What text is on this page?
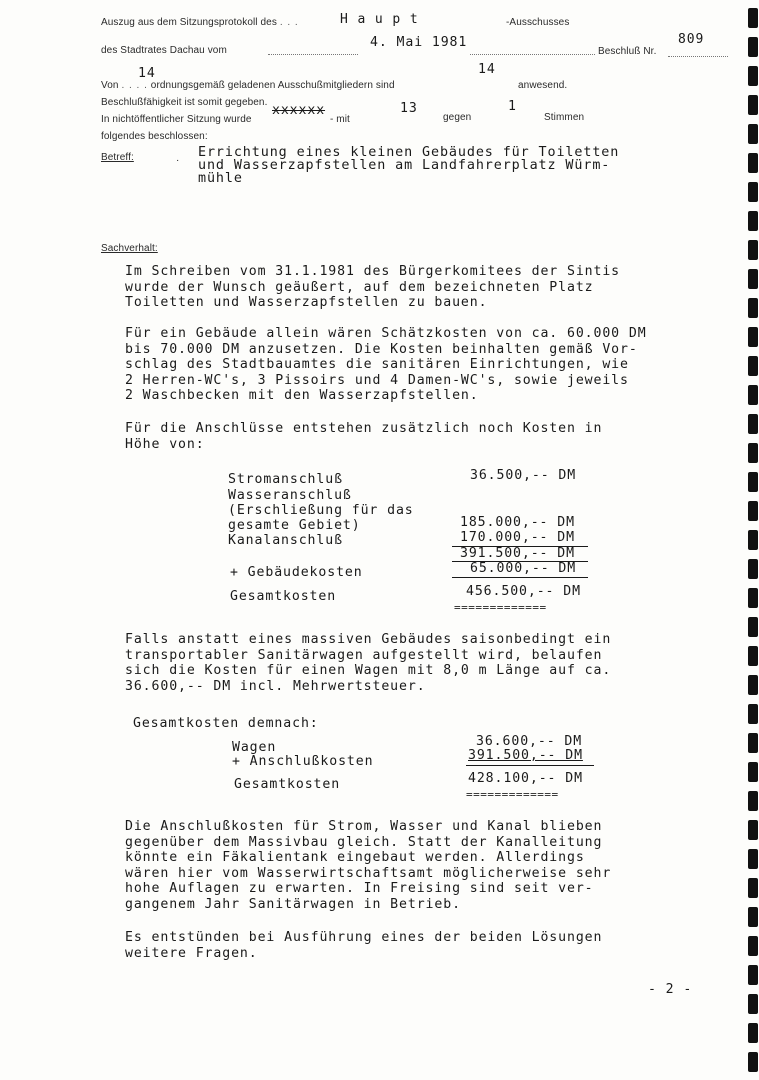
Auszug aus dem Sitzungsprotokoll des . . .	H a u p t	-Ausschusses
809
des Stadtrates Dachau vom
4. Mai 1981
Beschluß Nr.
14	14
Von . . . . ordnungsgemäß geladenen Ausschußmitgliedern sind	anwesend.
Beschlußfähigkeit ist somit gegeben.
xxxxxx	13	1
In nichtöffentlicher Sitzung wurde	- mit	gegen	Stimmen
folgendes beschlossen:
Betreff:	·
Errichtung eines kleinen Gebäudes für Toiletten
und Wasserzapfstellen am Landfahrerplatz Würm-
mühle
Sachverhalt:
Im Schreiben vom 31.1.1981 des Bürgerkomitees der Sintis
wurde der Wunsch geäußert, auf dem bezeichneten Platz
Toiletten und Wasserzapfstellen zu bauen.
Für ein Gebäude allein wären Schätzkosten von ca. 60.000 DM
bis 70.000 DM anzusetzen. Die Kosten beinhalten gemäß Vor-
schlag des Stadtbauamtes die sanitären Einrichtungen, wie
2 Herren-WC's, 3 Pissoirs und 4 Damen-WC's, sowie jeweils
2 Waschbecken mit den Wasserzapfstellen.
Für die Anschlüsse entstehen zusätzlich noch Kosten in
Höhe von:
Stromanschluß	36.500,-- DM
Wasseranschluß
(Erschließung für das
gesamte Gebiet)	185.000,-- DM
Kanalanschluß	170.000,-- DM
391.500,-- DM
+ Gebäudekosten	65.000,-- DM
Gesamtkosten	456.500,-- DM
=============
Falls anstatt eines massiven Gebäudes saisonbedingt ein
transportabler Sanitärwagen aufgestellt wird, belaufen
sich die Kosten für einen Wagen mit 8,0 m Länge auf ca.
36.600,-- DM incl. Mehrwertsteuer.
Gesamtkosten demnach:
Wagen	36.600,-- DM
+ Anschlußkosten	391.500,-- DM
Gesamtkosten	428.100,-- DM
=============
Die Anschlußkosten für Strom, Wasser und Kanal blieben
gegenüber dem Massivbau gleich. Statt der Kanalleitung
könnte ein Fäkalientank eingebaut werden. Allerdings
wären hier vom Wasserwirtschaftsamt möglicherweise sehr
hohe Auflagen zu erwarten. In Freising sind seit ver-
gangenem Jahr Sanitärwagen in Betrieb.
Es entstünden bei Ausführung eines der beiden Lösungen
weitere Fragen.
- 2 -
